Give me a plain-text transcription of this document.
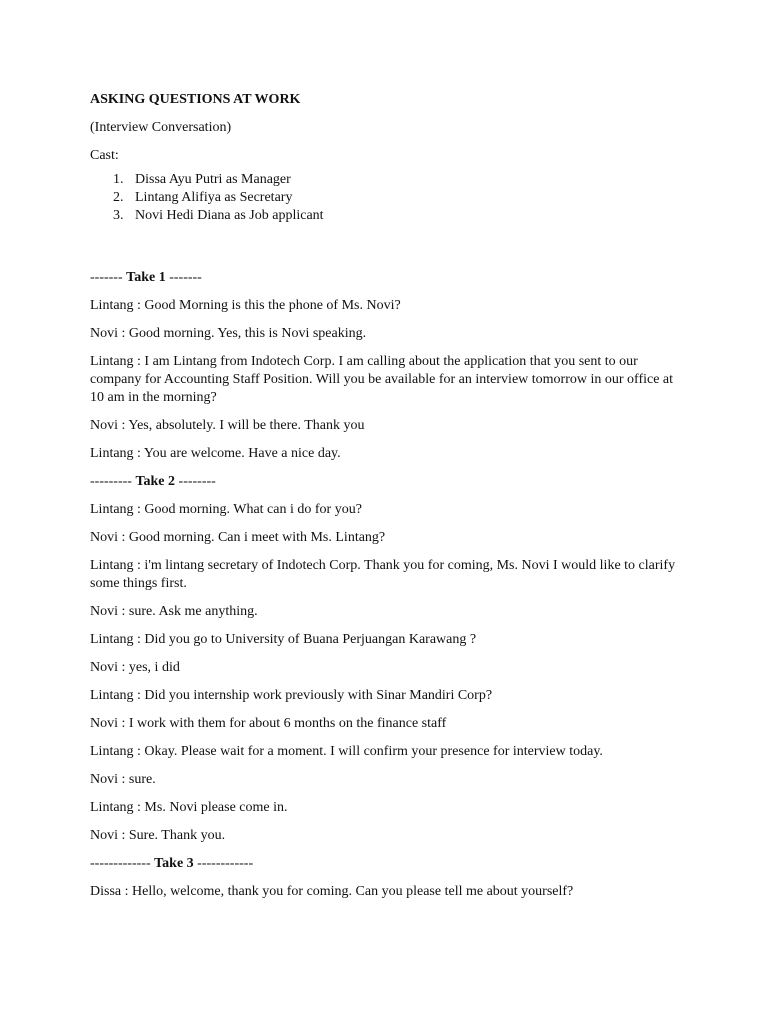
ASKING QUESTIONS AT WORK

(Interview Conversation)

Cast:

1. Dissa Ayu Putri as Manager
2. Lintang Alifiya as Secretary
3. Novi Hedi Diana as Job applicant

------- Take 1 -------

Lintang : Good Morning is this the phone of Ms. Novi?

Novi : Good morning. Yes, this is Novi speaking.

Lintang : I am Lintang from Indotech Corp. I am calling about the application that you sent to our company for Accounting Staff Position. Will you be available for an interview tomorrow in our office at 10 am in the morning?

Novi : Yes, absolutely. I will be there. Thank you

Lintang : You are welcome. Have a nice day.

--------- Take 2 --------

Lintang : Good morning. What can i do for you?

Novi : Good morning. Can i meet with Ms. Lintang?

Lintang : i'm lintang secretary of Indotech Corp. Thank you for coming, Ms. Novi I would like to clarify some things first.

Novi : sure. Ask me anything.

Lintang : Did you go to University of Buana Perjuangan Karawang ?

Novi : yes, i did

Lintang : Did you internship work previously with Sinar Mandiri Corp?

Novi : I work with them for about 6 months on the finance staff

Lintang : Okay. Please wait for a moment. I will confirm your presence for interview today.

Novi : sure.

Lintang : Ms. Novi please come in.

Novi : Sure. Thank you.

------------- Take 3 ------------

Dissa : Hello, welcome, thank you for coming. Can you please tell me about yourself?
